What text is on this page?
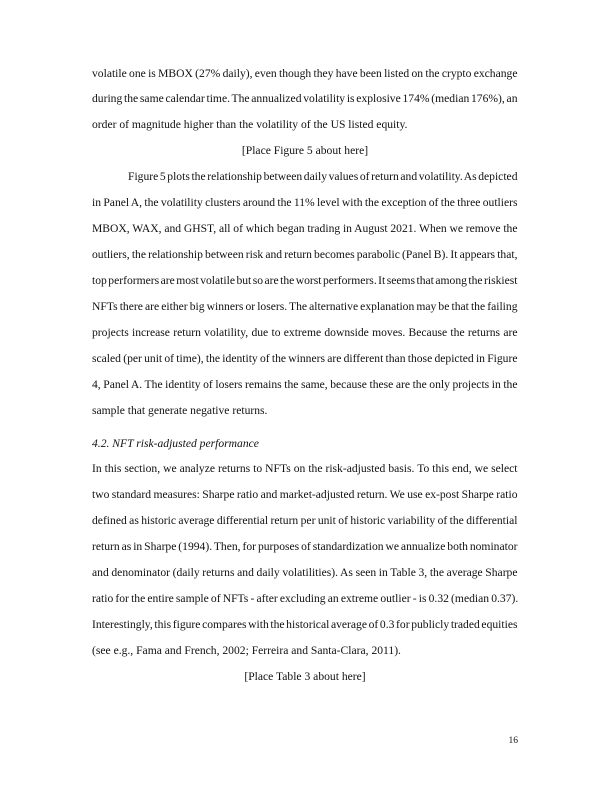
volatile one is MBOX (27% daily), even though they have been listed on the crypto exchange
during the same calendar time. The annualized volatility is explosive 174% (median 176%), an
order of magnitude higher than the volatility of the US listed equity.
[Place Figure 5 about here]
Figure 5 plots the relationship between daily values of return and volatility. As depicted
in Panel A, the volatility clusters around the 11% level with the exception of the three outliers
MBOX, WAX, and GHST, all of which began trading in August 2021. When we remove the
outliers, the relationship between risk and return becomes parabolic (Panel B). It appears that,
top performers are most volatile but so are the worst performers. It seems that among the riskiest
NFTs there are either big winners or losers. The alternative explanation may be that the failing
projects increase return volatility, due to extreme downside moves. Because the returns are
scaled (per unit of time), the identity of the winners are different than those depicted in Figure
4, Panel A. The identity of losers remains the same, because these are the only projects in the
sample that generate negative returns.
4.2. NFT risk-adjusted performance
In this section, we analyze returns to NFTs on the risk-adjusted basis. To this end, we select
two standard measures: Sharpe ratio and market-adjusted return. We use ex-post Sharpe ratio
defined as historic average differential return per unit of historic variability of the differential
return as in Sharpe (1994). Then, for purposes of standardization we annualize both nominator
and denominator (daily returns and daily volatilities). As seen in Table 3, the average Sharpe
ratio for the entire sample of NFTs - after excluding an extreme outlier - is 0.32 (median 0.37).
Interestingly, this figure compares with the historical average of 0.3 for publicly traded equities
(see e.g., Fama and French, 2002; Ferreira and Santa-Clara, 2011).
[Place Table 3 about here]
16
